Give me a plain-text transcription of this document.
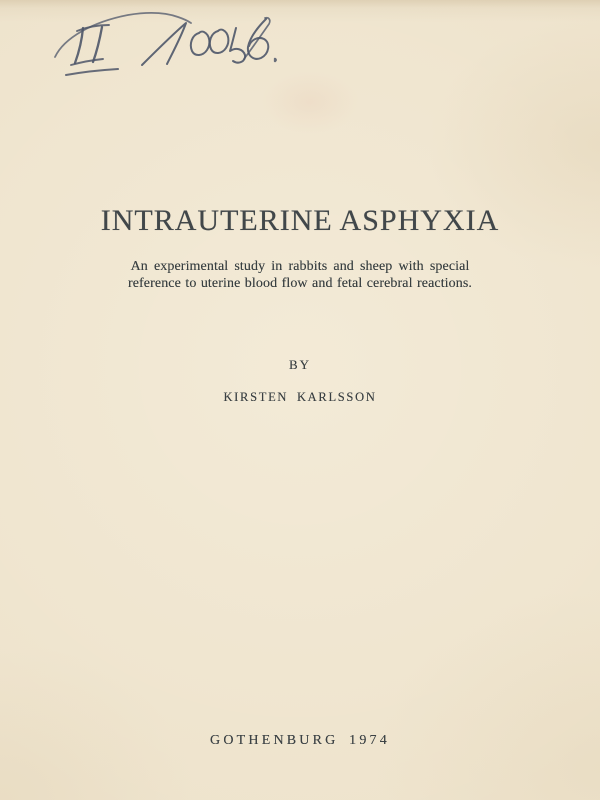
INTRAUTERINE ASPHYXIA
An experimental study in rabbits and sheep with special
reference to uterine blood flow and fetal cerebral reactions.
BY
KIRSTEN KARLSSON
GOTHENBURG 1974
